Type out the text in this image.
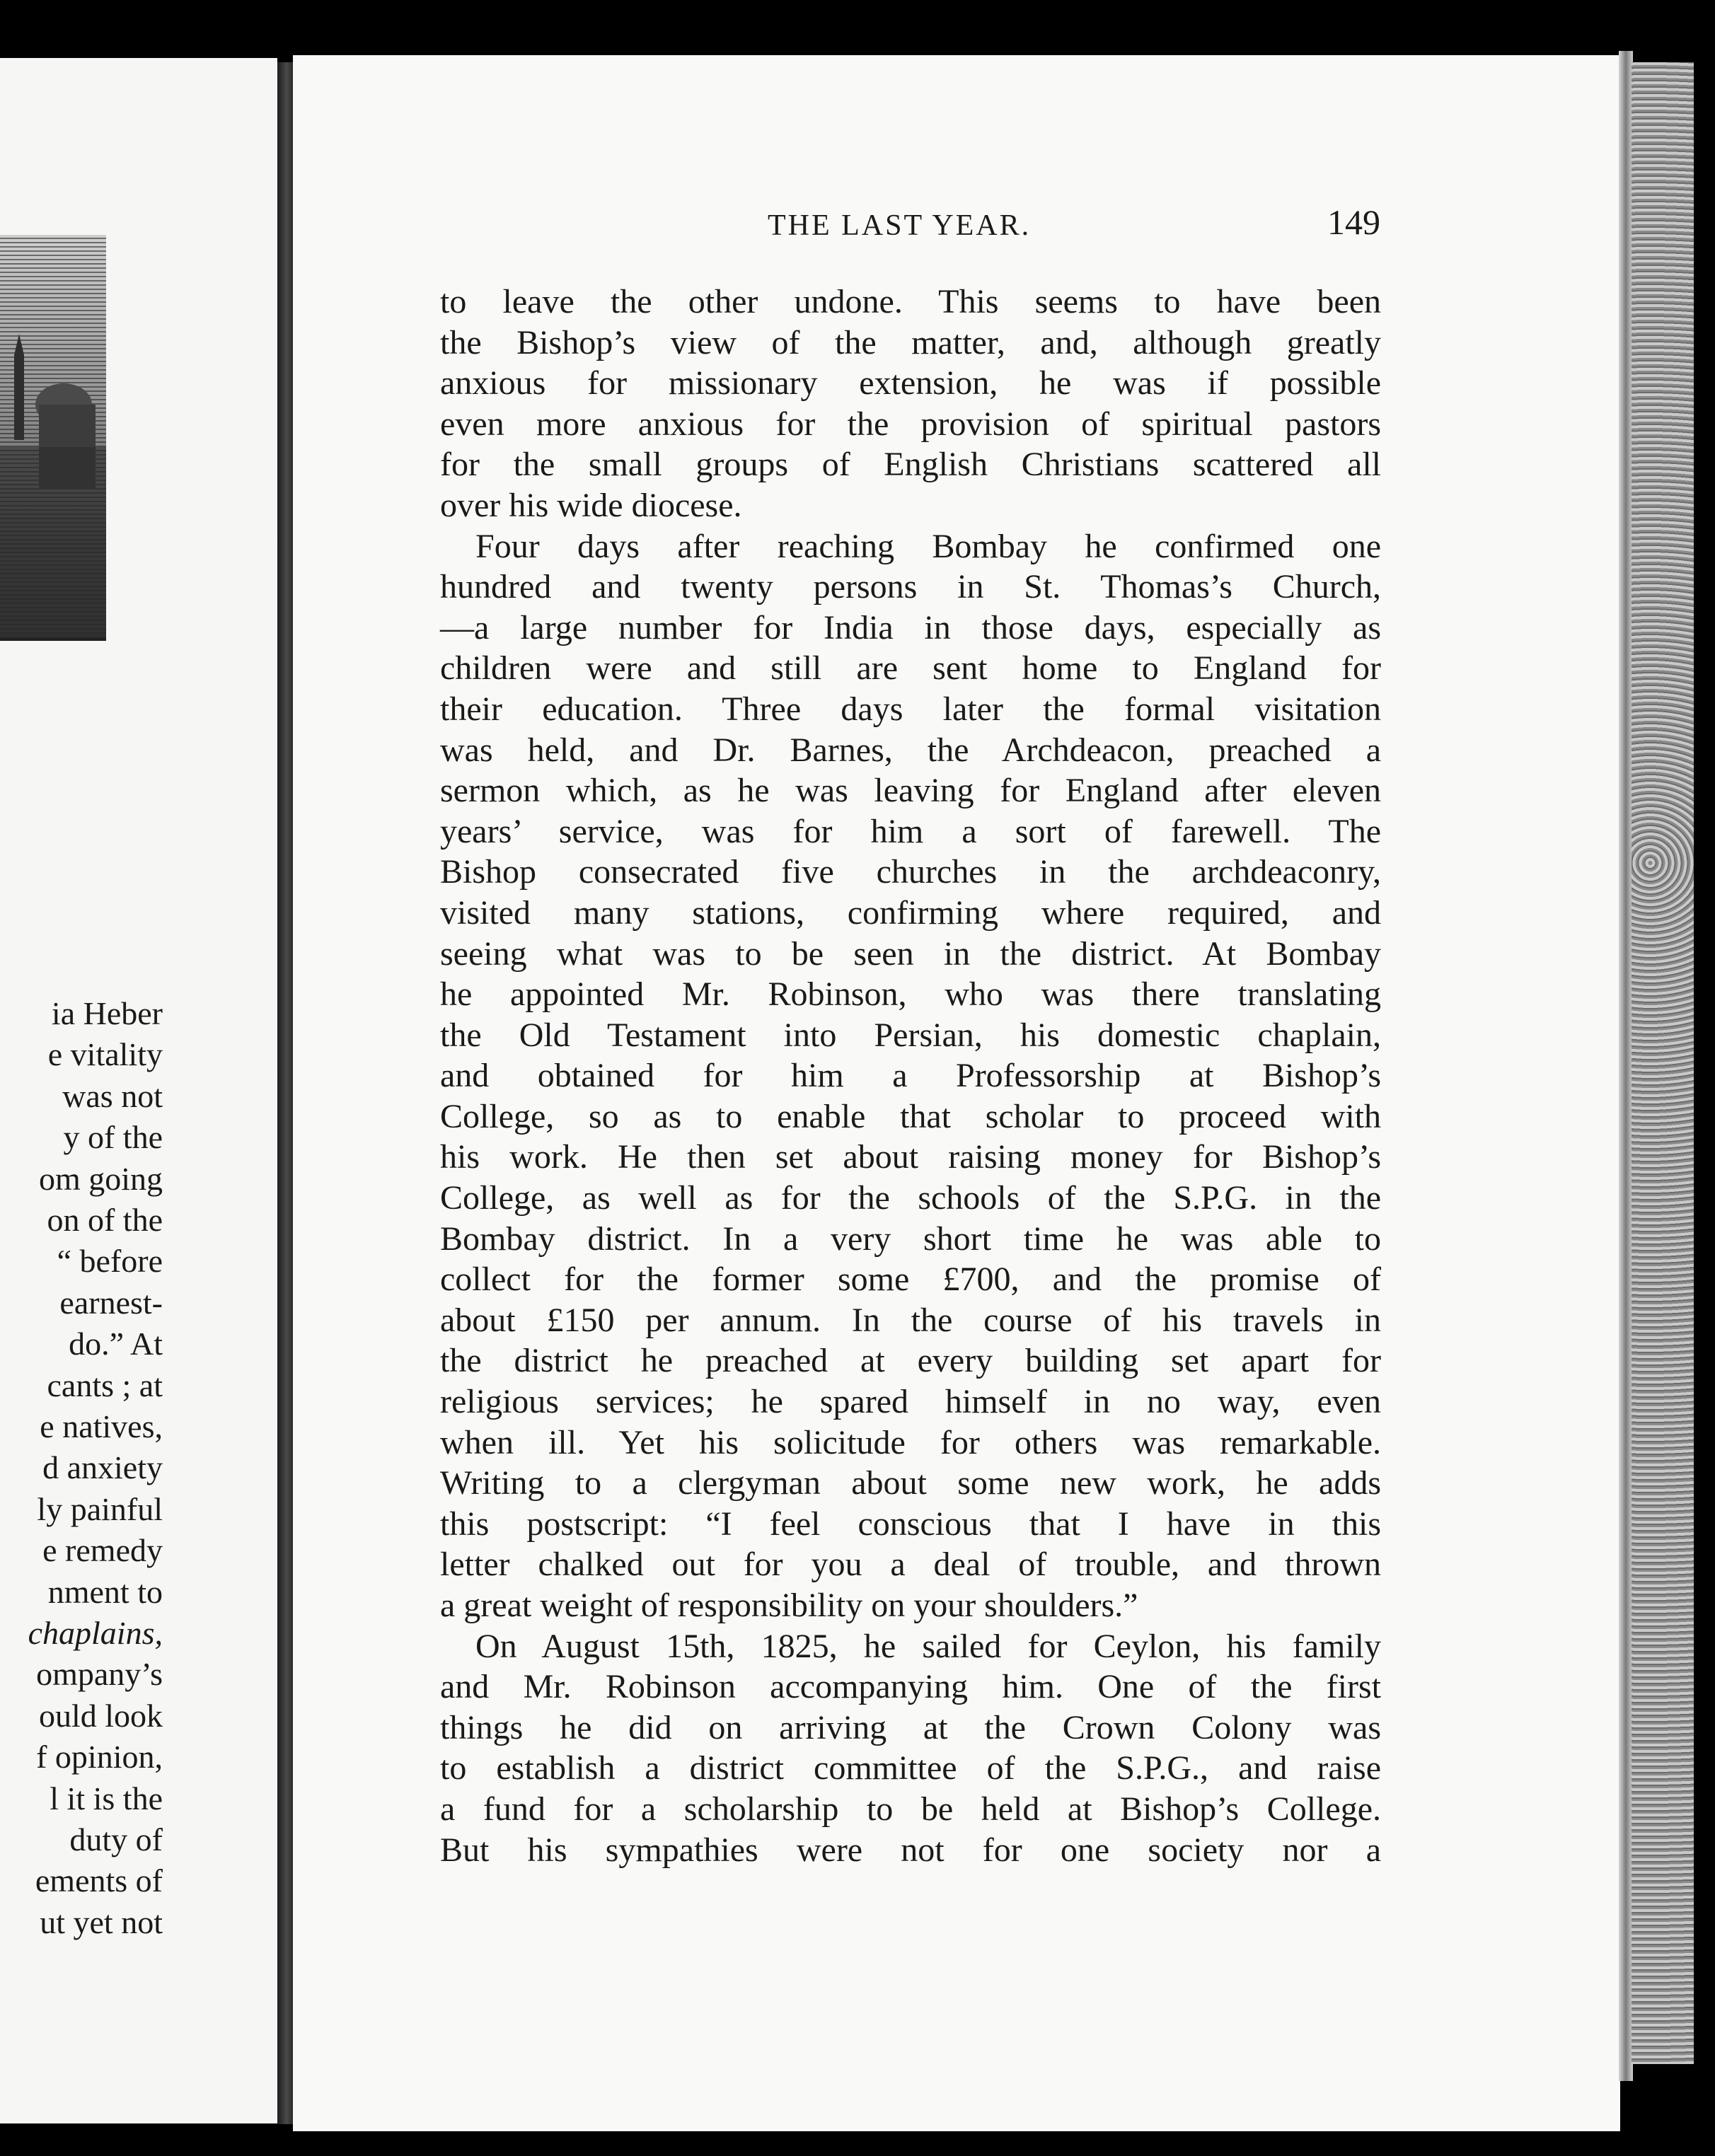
ia Heber
e vitality
was not
y of the
om going
on of the
“ before
earnest-
do.” At
cants ; at
e natives,
d anxiety
ly painful
e remedy
nment to
chaplains,
ompany’s
ould look
f opinion,
l it is the
duty of
ements of
ut yet not
THE LAST YEAR.	149
to leave the other undone. This seems to have been
the Bishop’s view of the matter, and, although greatly
anxious for missionary extension, he was if possible
even more anxious for the provision of spiritual pastors
for the small groups of English Christians scattered all
over his wide diocese.
Four days after reaching Bombay he confirmed one
hundred and twenty persons in St. Thomas’s Church,
—a large number for India in those days, especially as
children were and still are sent home to England for
their education. Three days later the formal visitation
was held, and Dr. Barnes, the Archdeacon, preached a
sermon which, as he was leaving for England after eleven
years’ service, was for him a sort of farewell. The
Bishop consecrated five churches in the archdeaconry,
visited many stations, confirming where required, and
seeing what was to be seen in the district. At Bombay
he appointed Mr. Robinson, who was there translating
the Old Testament into Persian, his domestic chaplain,
and obtained for him a Professorship at Bishop’s
College, so as to enable that scholar to proceed with
his work. He then set about raising money for Bishop’s
College, as well as for the schools of the S.P.G. in the
Bombay district. In a very short time he was able to
collect for the former some £700, and the promise of
about £150 per annum. In the course of his travels in
the district he preached at every building set apart for
religious services; he spared himself in no way, even
when ill. Yet his solicitude for others was remarkable.
Writing to a clergyman about some new work, he adds
this postscript: “I feel conscious that I have in this
letter chalked out for you a deal of trouble, and thrown
a great weight of responsibility on your shoulders.”
On August 15th, 1825, he sailed for Ceylon, his family
and Mr. Robinson accompanying him. One of the first
things he did on arriving at the Crown Colony was
to establish a district committee of the S.P.G., and raise
a fund for a scholarship to be held at Bishop’s College.
But his sympathies were not for one society nor a
